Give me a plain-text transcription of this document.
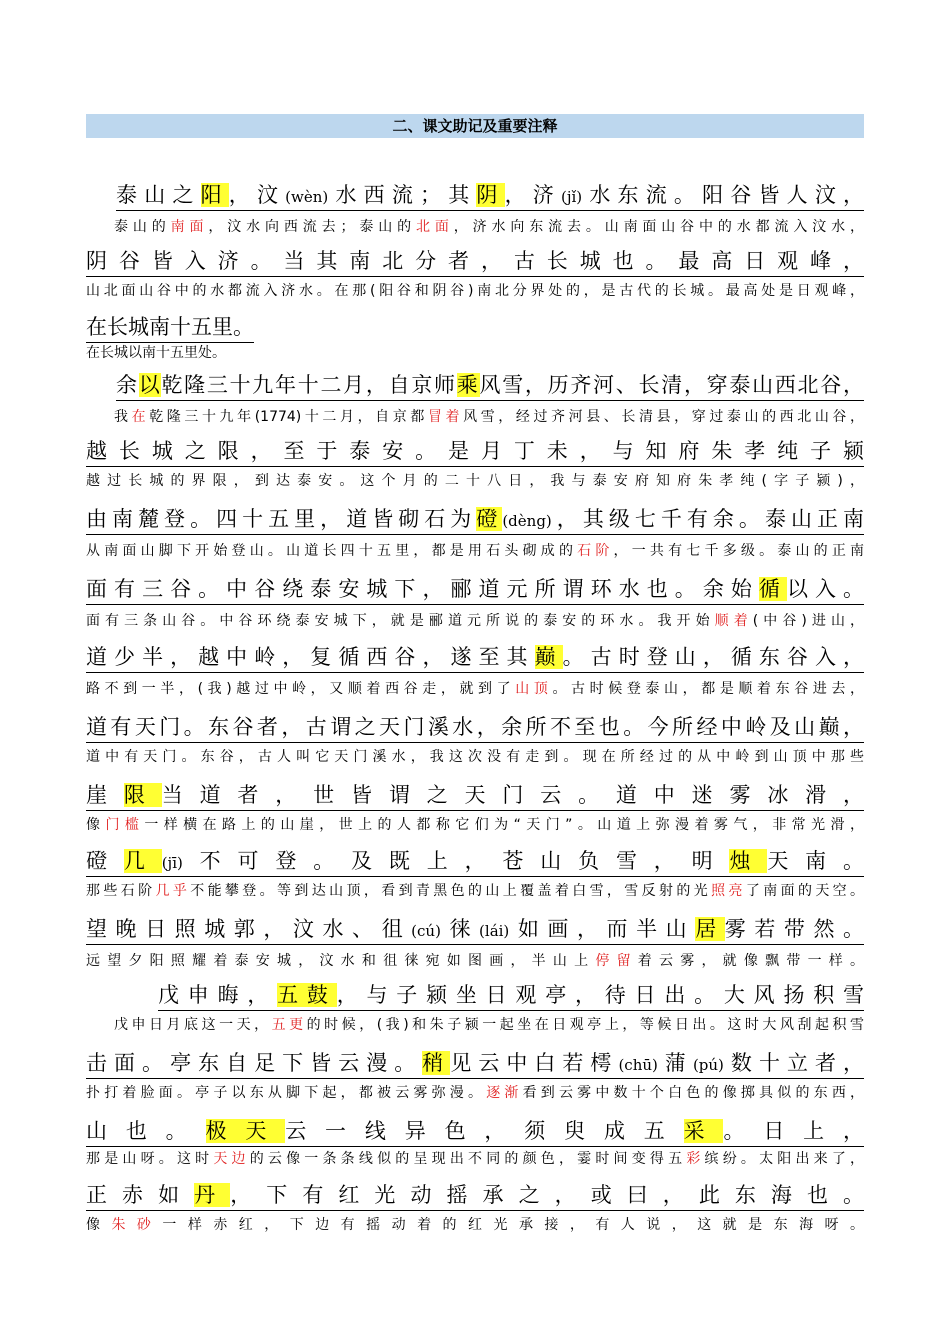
二、课文助记及重要注释
泰山之阳，汶(wèn)水西流；其阴，济(jǐ)水东流。阳谷皆人汶，
泰山的南面，汶水向西流去；泰山的北面，济水向东流去。山南面山谷中的水都流入汶水，
阴谷皆入济。当其南北分者，古长城也。最高日观峰，
山北面山谷中的水都流入济水。在那(阳谷和阴谷)南北分界处的，是古代的长城。最高处是日观峰，
在长城南十五里。
在长城以南十五里处。
余以乾隆三十九年十二月，自京师乘风雪，历齐河、长清，穿泰山西北谷，
我在乾隆三十九年(1774)十二月，自京都冒着风雪，经过齐河县、长清县，穿过泰山的西北山谷，
越长城之限，至于泰安。是月丁未，与知府朱孝纯子颍
越过长城的界限，到达泰安。这个月的二十八日，我与泰安府知府朱孝纯(字子颍)，
由南麓登。四十五里，道皆砌石为磴(dèng)，其级七千有余。泰山正南
从南面山脚下开始登山。山道长四十五里，都是用石头砌成的石阶，一共有七千多级。泰山的正南
面有三谷。中谷绕泰安城下，郦道元所谓环水也。余始循以入。
面有三条山谷。中谷环绕泰安城下，就是郦道元所说的泰安的环水。我开始顺着(中谷)进山，
道少半，越中岭，复循西谷，遂至其巅。古时登山，循东谷入，
路不到一半，(我)越过中岭，又顺着西谷走，就到了山顶。古时候登泰山，都是顺着东谷进去，
道有天门。东谷者，古谓之天门溪水，余所不至也。今所经中岭及山巅，
道中有天门。东谷，古人叫它天门溪水，我这次没有走到。现在所经过的从中岭到山顶中那些
崖限当道者，世皆谓之天门云。道中迷雾冰滑，
像门槛一样横在路上的山崖，世上的人都称它们为“天门”。山道上弥漫着雾气，非常光滑，
磴几(jī)不可登。及既上，苍山负雪，明烛天南。
那些石阶几乎不能攀登。等到达山顶，看到青黑色的山上覆盖着白雪，雪反射的光照亮了南面的天空。
望晚日照城郭，汶水、徂(cú)徕(lái)如画，而半山居雾若带然。
远望夕阳照耀着泰安城，汶水和徂徕宛如图画，半山上停留着云雾，就像飘带一样。
戊申晦，五鼓，与子颍坐日观亭，待日出。大风扬积雪
戊申日月底这一天，五更的时候，(我)和朱子颍一起坐在日观亭上，等候日出。这时大风刮起积雪
击面。亭东自足下皆云漫。稍见云中白若樗(chū)蒲(pú)数十立者，
扑打着脸面。亭子以东从脚下起，都被云雾弥漫。逐渐看到云雾中数十个白色的像掷具似的东西，
山也。极天云一线异色，须臾成五采。日上，
那是山呀。这时天边的云像一条条线似的呈现出不同的颜色，霎时间变得五彩缤纷。太阳出来了，
正赤如丹，下有红光动摇承之，或曰，此东海也。
像朱砂一样赤红，下边有摇动着的红光承接，有人说，这就是东海呀。
